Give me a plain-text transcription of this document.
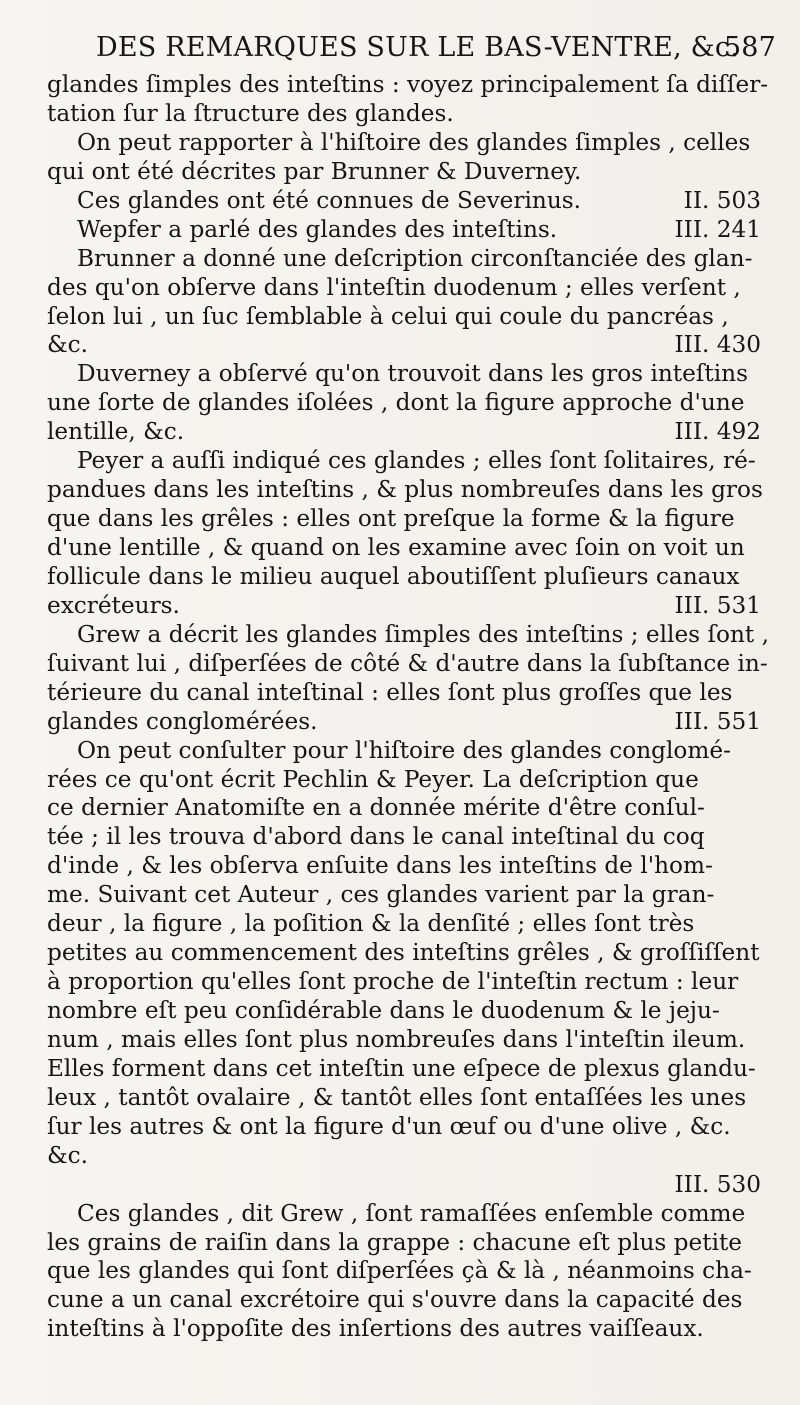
DES REMARQUES SUR LE BAS-VENTRE, &c.
587
glandes ſimples des inteſtins : voyez principalement ſa diſſer-
tation ſur la ſtructure des glandes.
On peut rapporter à l'hiſtoire des glandes ſimples , celles
qui ont été décrites par Brunner & Duverney.
Ces glandes ont été connues de Severinus.	II. 503
Wepfer a parlé des glandes des inteſtins.	III. 241
Brunner a donné une deſcription circonſtanciée des glan-
des qu'on obſerve dans l'inteſtin duodenum ; elles verſent ,
ſelon lui , un ſuc ſemblable à celui qui coule du pancréas ,
&c.	III. 430
Duverney a obſervé qu'on trouvoit dans les gros inteſtins
une ſorte de glandes iſolées , dont la figure approche d'une
lentille, &c.	III. 492
Peyer a auſſi indiqué ces glandes ; elles ſont ſolitaires, ré-
pandues dans les inteſtins , & plus nombreuſes dans les gros
que dans les grêles : elles ont preſque la forme & la figure
d'une lentille , & quand on les examine avec ſoin on voit un
follicule dans le milieu auquel aboutiſſent pluſieurs canaux
excréteurs.	III. 531
Grew a décrit les glandes ſimples des inteſtins ; elles ſont ,
ſuivant lui , diſperſées de côté & d'autre dans la ſubſtance in-
térieure du canal inteſtinal : elles ſont plus groſſes que les
glandes conglomérées.	III. 551
On peut conſulter pour l'hiſtoire des glandes conglomé-
rées ce qu'ont écrit Pechlin & Peyer. La deſcription que
ce dernier Anatomiſte en a donnée mérite d'être conſul-
tée ; il les trouva d'abord dans le canal inteſtinal du coq
d'inde , & les obſerva enſuite dans les inteſtins de l'hom-
me. Suivant cet Auteur , ces glandes varient par la gran-
deur , la figure , la poſition & la denſité ; elles ſont très
petites au commencement des inteſtins grêles , & groſſiſſent
à proportion qu'elles ſont proche de l'inteſtin rectum : leur
nombre eſt peu conſidérable dans le duodenum & le jeju-
num , mais elles ſont plus nombreuſes dans l'inteſtin ileum.
Elles forment dans cet inteſtin une eſpece de plexus glandu-
leux , tantôt ovalaire , & tantôt elles ſont entaſſées les unes
ſur les autres & ont la figure d'un œuf ou d'une olive , &c.
&c.
III. 530
Ces glandes , dit Grew , ſont ramaſſées enſemble comme
les grains de raiſin dans la grappe : chacune eſt plus petite
que les glandes qui ſont diſperſées çà & là , néanmoins cha-
cune a un canal excrétoire qui s'ouvre dans la capacité des
inteſtins à l'oppoſite des inſertions des autres vaiſſeaux.
